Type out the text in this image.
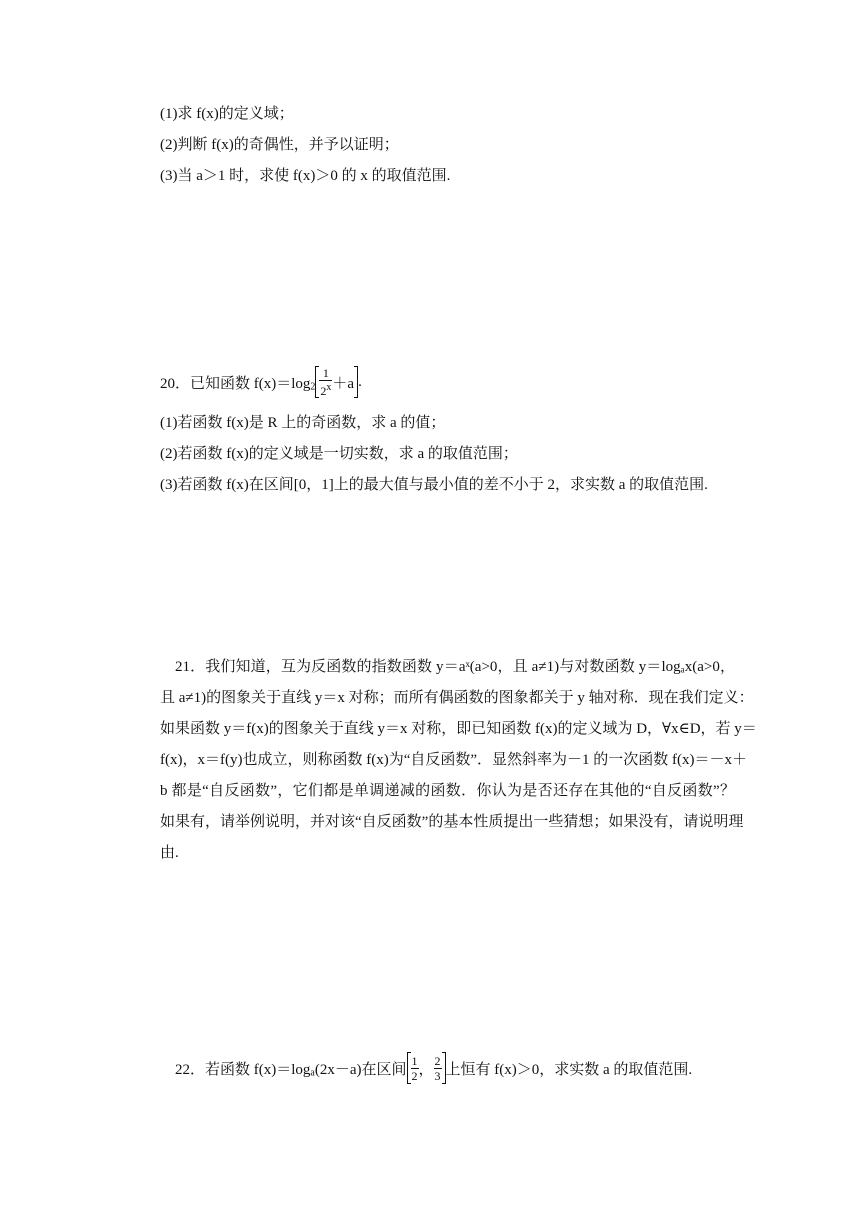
(1)求 f(x)的定义域；
(2)判断 f(x)的奇偶性，并予以证明；
(3)当 a＞1 时，求使 f(x)＞0 的 x 的取值范围.
20．已知函数 $f(x)=\log_2 \frac{1}{2^x} +a$ .
(1)若函数 f(x)是 R 上的奇函数，求 a 的值；
(2)若函数 f(x)的定义域是一切实数，求 a 的取值范围；
(3)若函数 f(x)在区间[0，1]上的最大值与最小值的差不小于 2，求实数 a 的取值范围.
21．我们知道，互为反函数的指数函数 y＝aˣ(a>0，且 a≠1)与对数函数 y＝logₐx(a>0，
且 a≠1)的图象关于直线 y＝x 对称；而所有偶函数的图象都关于 y 轴对称．现在我们定义：
如果函数 y＝f(x)的图象关于直线 y＝x 对称，即已知函数 f(x)的定义域为 D，∀x∈D，若 y＝
f(x)，x＝f(y)也成立，则称函数 f(x)为“自反函数”．显然斜率为－1 的一次函数 f(x)＝－x＋
b 都是“自反函数”，它们都是单调递减的函数．你认为是否还存在其他的“自反函数”？
如果有，请举例说明，并对该“自反函数”的基本性质提出一些猜想；如果没有，请说明理
由.
22．若函数 $f(x)=\log_a(2x-a)$在区间 $\frac{1}{2}$ ， $\frac{2}{3}$ 上恒有 f(x)＞0，求实数 a 的取值范围.
